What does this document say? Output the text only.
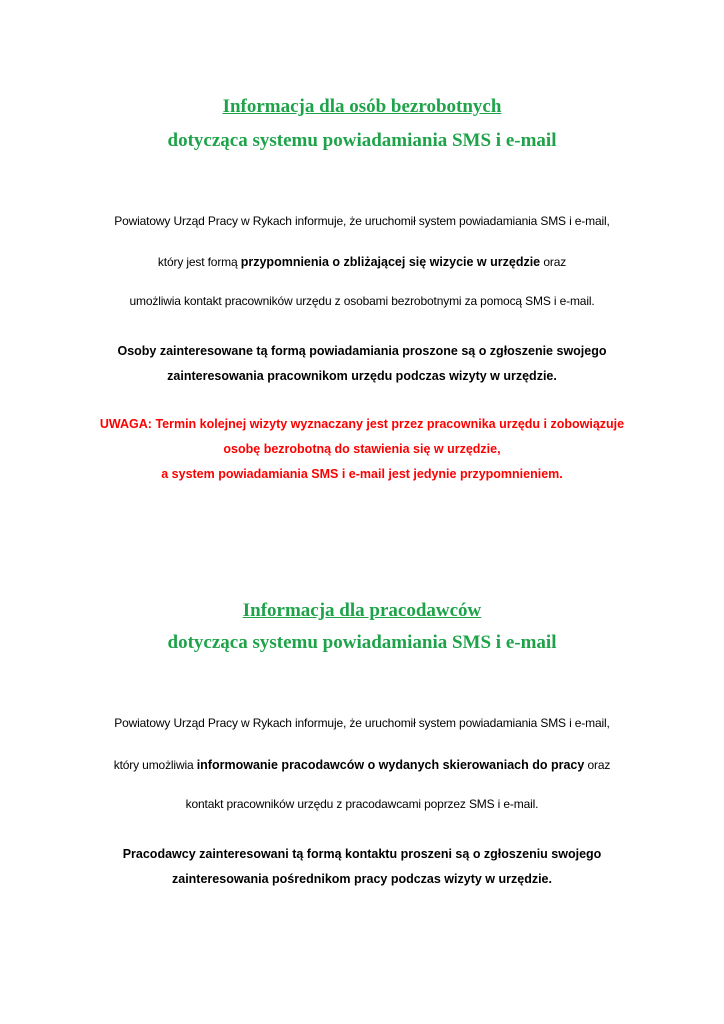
Informacja dla osób bezrobotnych
dotycząca systemu powiadamiania SMS i e-mail
Powiatowy Urząd Pracy w Rykach informuje, że uruchomił system powiadamiania SMS i e-mail,
który jest formą przypomnienia o zbliżającej się wizycie w urzędzie oraz
umożliwia kontakt pracowników urzędu z osobami bezrobotnymi za pomocą SMS i e-mail.
Osoby zainteresowane tą formą powiadamiania proszone są o zgłoszenie swojego
zainteresowania pracownikom urzędu podczas wizyty w urzędzie.
UWAGA: Termin kolejnej wizyty wyznaczany jest przez pracownika urzędu i zobowiązuje
osobę bezrobotną do stawienia się w urzędzie,
a system powiadamiania SMS i e-mail jest jedynie przypomnieniem.
Informacja dla pracodawców
dotycząca systemu powiadamiania SMS i e-mail
Powiatowy Urząd Pracy w Rykach informuje, że uruchomił system powiadamiania SMS i e-mail,
który umożliwia informowanie pracodawców o wydanych skierowaniach do pracy oraz
kontakt pracowników urzędu z pracodawcami poprzez SMS i e-mail.
Pracodawcy zainteresowani tą formą kontaktu proszeni są o zgłoszeniu swojego
zainteresowania pośrednikom pracy podczas wizyty w urzędzie.
